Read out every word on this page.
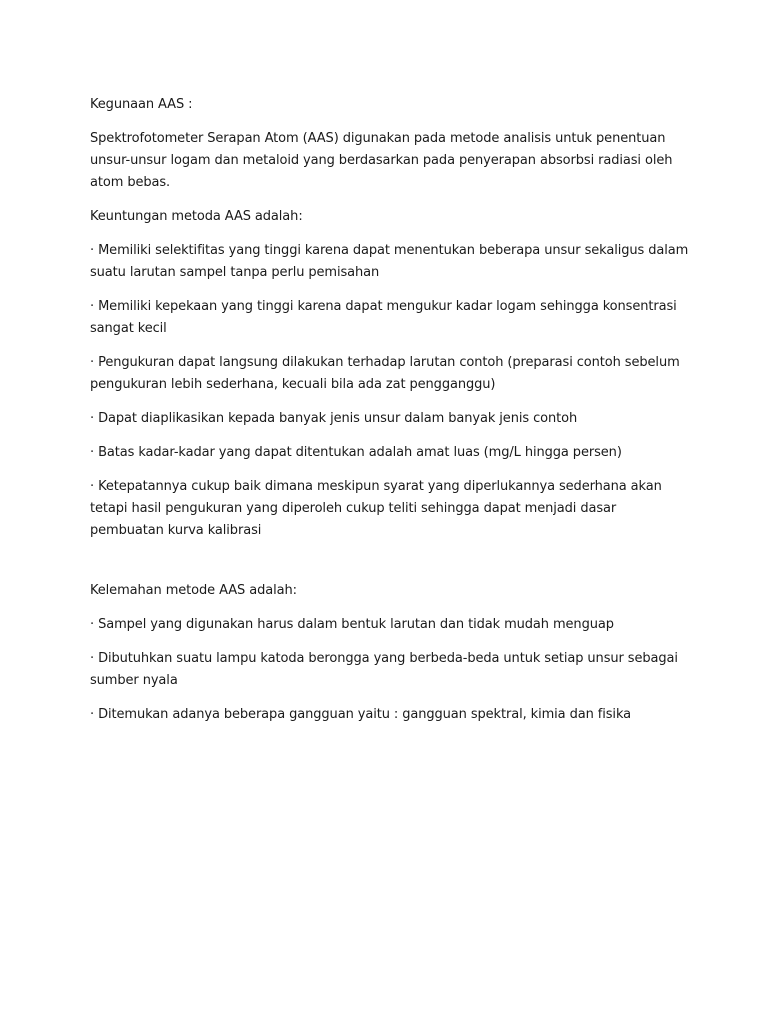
Kegunaan AAS :

Spektrofotometer Serapan Atom (AAS) digunakan pada metode analisis untuk penentuan unsur-unsur logam dan metaloid yang berdasarkan pada penyerapan absorbsi radiasi oleh atom bebas.

Keuntungan metoda AAS adalah:

· Memiliki selektifitas yang tinggi karena dapat menentukan beberapa unsur sekaligus dalam suatu larutan sampel tanpa perlu pemisahan

· Memiliki kepekaan yang tinggi karena dapat mengukur kadar logam sehingga konsentrasi sangat kecil

· Pengukuran dapat langsung dilakukan terhadap larutan contoh (preparasi contoh sebelum pengukuran lebih sederhana, kecuali bila ada zat pengganggu)

· Dapat diaplikasikan kepada banyak jenis unsur dalam banyak jenis contoh

· Batas kadar-kadar yang dapat ditentukan adalah amat luas (mg/L hingga persen)

· Ketepatannya cukup baik dimana meskipun syarat yang diperlukannya sederhana akan tetapi hasil pengukuran yang diperoleh cukup teliti sehingga dapat menjadi dasar pembuatan kurva kalibrasi

Kelemahan metode AAS adalah:

· Sampel yang digunakan harus dalam bentuk larutan dan tidak mudah menguap

· Dibutuhkan suatu lampu katoda berongga yang berbeda-beda untuk setiap unsur sebagai sumber nyala

· Ditemukan adanya beberapa gangguan yaitu : gangguan spektral, kimia dan fisika
